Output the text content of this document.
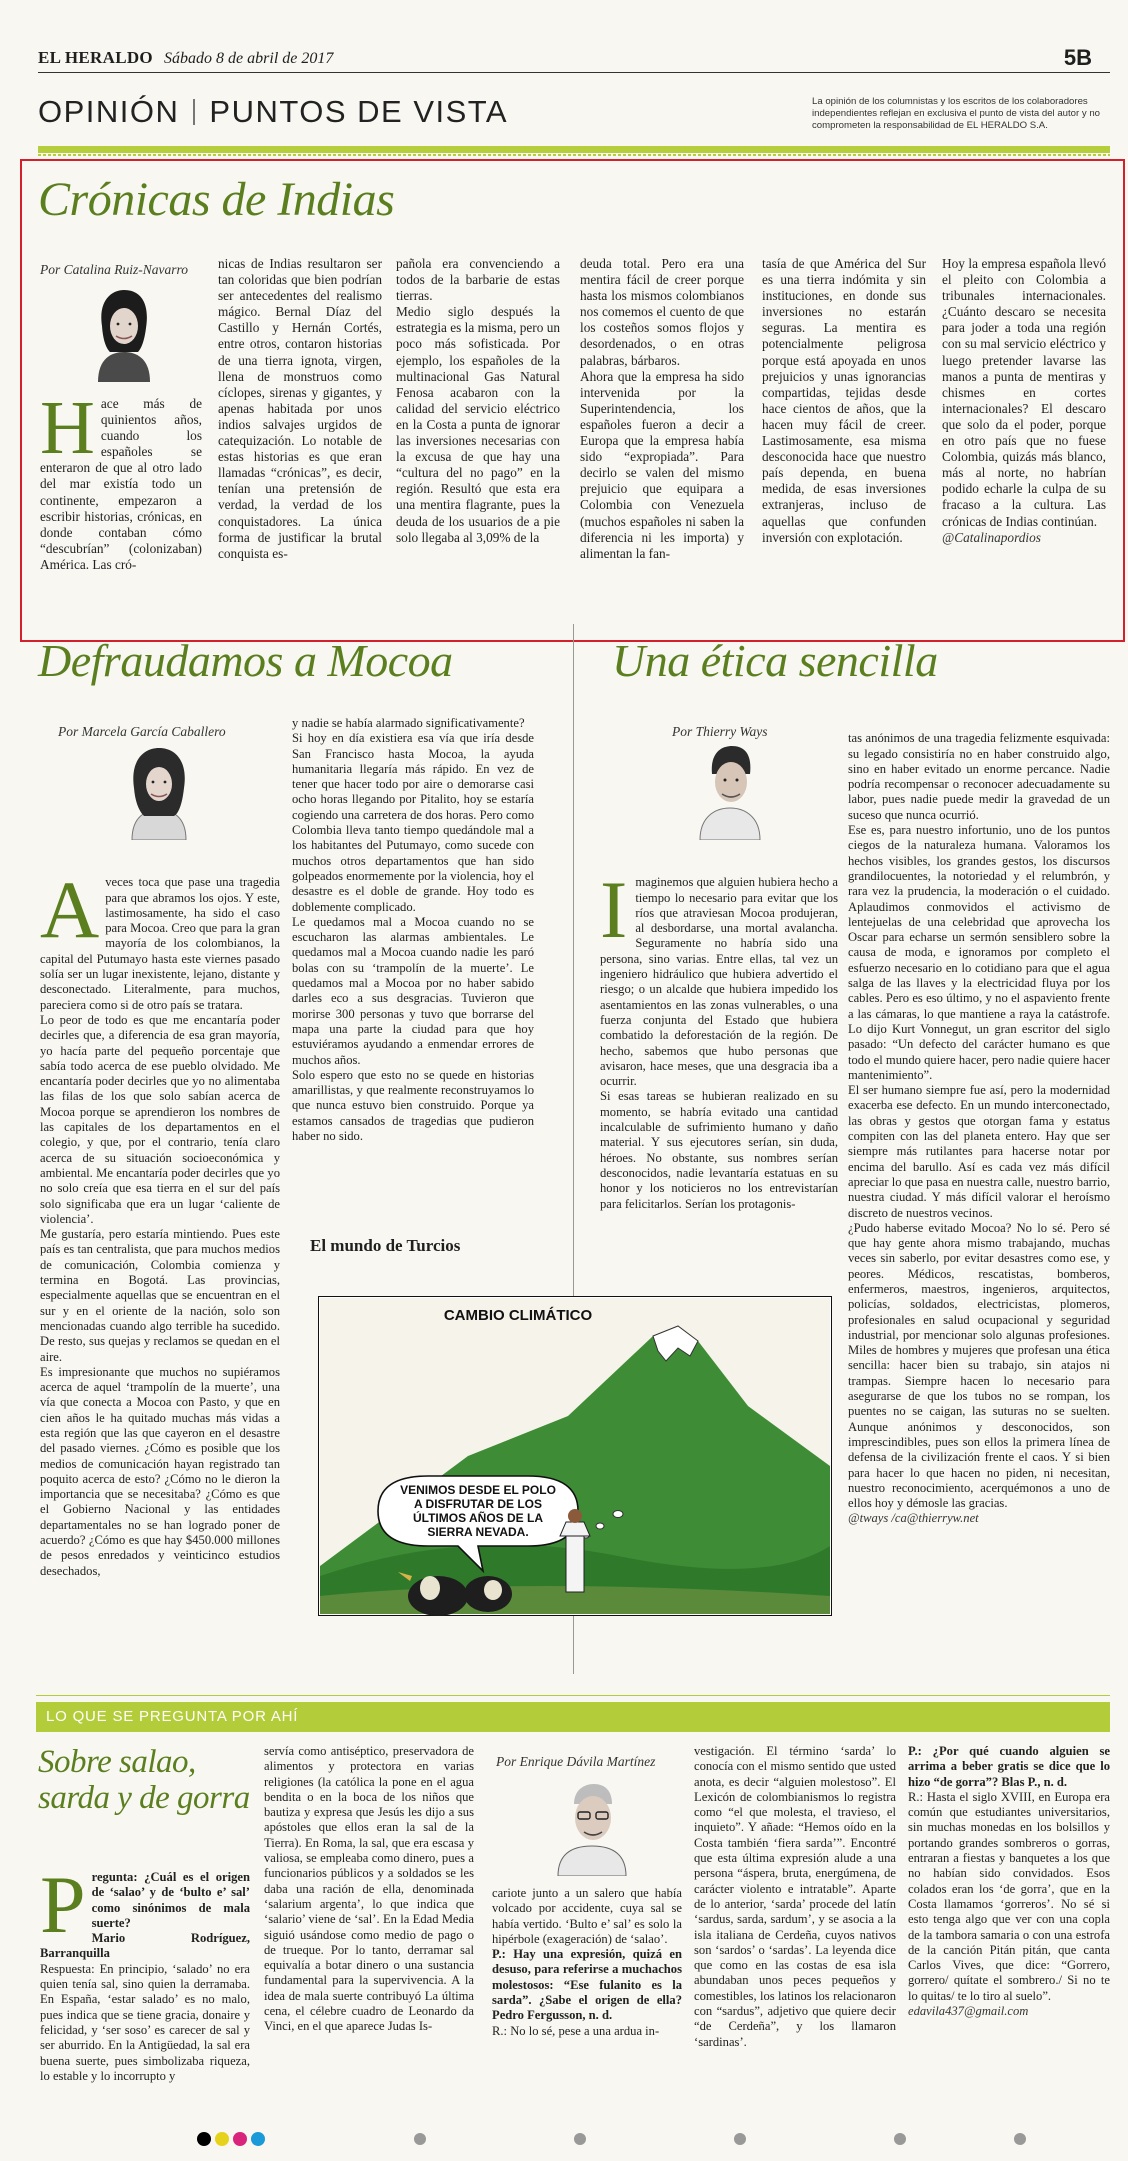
EL HERALDO Sábado 8 de abril de 2017	5B
OPINIÓN PUNTOS DE VISTA	La opinión de los columnistas y los escritos de los colaboradores independientes reflejan en exclusiva el punto de vista del autor y no comprometen la responsabilidad de EL HERALDO S.A.
Crónicas de Indias
Por Catalina Ruiz-Navarro
Hace más de quinientos años, cuando los españoles se enteraron de que al otro lado del mar existía todo un continente, empezaron a escribir historias, crónicas, en donde contaban cómo “descubrían” (colonizaban) América. Las cró-
nicas de Indias resultaron ser tan coloridas que bien podrían ser antecedentes del realismo mágico. Bernal Díaz del Castillo y Hernán Cortés, entre otros, contaron historias de una tierra ignota, virgen, llena de monstruos como cíclopes, sirenas y gigantes, y apenas habitada por unos indios salvajes urgidos de catequización. Lo notable de estas historias es que eran llamadas “crónicas”, es decir, tenían una pretensión de verdad, la verdad de los conquistadores. La única forma de justificar la brutal conquista es-
pañola era convenciendo a todos de la barbarie de estas tierras.
Medio siglo después la estrategia es la misma, pero un poco más sofisticada. Por ejemplo, los españoles de la multinacional Gas Natural Fenosa acabaron con la calidad del servicio eléctrico en la Costa a punta de ignorar las inversiones necesarias con la excusa de que hay una “cultura del no pago” en la región. Resultó que esta era una mentira flagrante, pues la deuda de los usuarios de a pie solo llegaba al 3,09% de la
deuda total. Pero era una mentira fácil de creer porque hasta los mismos colombianos nos comemos el cuento de que los costeños somos flojos y desordenados, o en otras palabras, bárbaros.
Ahora que la empresa ha sido intervenida por la Superintendencia, los españoles fueron a decir a Europa que la empresa había sido “expropiada”. Para decirlo se valen del mismo prejuicio que equipara a Colombia con Venezuela (muchos españoles ni saben la diferencia ni les importa) y alimentan la fan-
tasía de que América del Sur es una tierra indómita y sin instituciones, en donde sus inversiones no estarán seguras. La mentira es potencialmente peligrosa porque está apoyada en unos prejuicios y unas ignorancias compartidas, tejidas desde hace cientos de años, que la hacen muy fácil de creer. Lastimosamente, esa misma desconocida hace que nuestro país dependa, en buena medida, de esas inversiones extranjeras, incluso de aquellas que confunden inversión con explotación.
Hoy la empresa española llevó el pleito con Colombia a tribunales internacionales. ¿Cuánto descaro se necesita para joder a toda una región con su mal servicio eléctrico y luego pretender lavarse las manos a punta de mentiras y chismes en cortes internacionales? El descaro que solo da el poder, porque en otro país que no fuese Colombia, quizás más blanco, más al norte, no habrían podido echarle la culpa de su fracaso a la cultura. Las crónicas de Indias continúan.
@Catalinapordios
Defraudamos a Mocoa
Por Marcela García Caballero

Aveces toca que pase una tragedia para que abramos los ojos. Y este, lastimosamente, ha sido el caso para Mocoa. Creo que para la gran mayoría de los colombianos, la capital del Putumayo hasta este viernes pasado solía ser un lugar inexistente, lejano, distante y desconectado. Literalmente, para muchos, pareciera como si de otro país se tratara.
Lo peor de todo es que me encantaría poder decirles que, a diferencia de esa gran mayoría, yo hacía parte del pequeño porcentaje que sabía todo acerca de ese pueblo olvidado. Me encantaría poder decirles que yo no alimentaba las filas de los que solo sabían acerca de Mocoa porque se aprendieron los nombres de las capitales de los departamentos en el colegio, y que, por el contrario, tenía claro acerca de su situación socioeconómica y ambiental. Me encantaría poder decirles que yo no solo creía que esa tierra en el sur del país solo significaba que era un lugar ‘caliente de violencia’.
Me gustaría, pero estaría mintiendo. Pues este país es tan centralista, que para muchos medios de comunicación, Colombia comienza y termina en Bogotá. Las provincias, especialmente aquellas que se encuentran en el sur y en el oriente de la nación, solo son mencionadas cuando algo terrible ha sucedido. De resto, sus quejas y reclamos se quedan en el aire.
Es impresionante que muchos no supiéramos acerca de aquel ‘trampolín de la muerte’, una vía que conecta a Mocoa con Pasto, y que en cien años le ha quitado muchas más vidas a esta región que las que cayeron en el desastre del pasado viernes. ¿Cómo es posible que los medios de comunicación hayan registrado tan poquito acerca de esto? ¿Cómo no le dieron la importancia que se necesitaba? ¿Cómo es que el Gobierno Nacional y las entidades departamentales no se han logrado poner de acuerdo? ¿Cómo es que hay $450.000 millones de pesos enredados y veinticinco estudios desechados,

y nadie se había alarmado significativamente?
Si hoy en día existiera esa vía que iría desde San Francisco hasta Mocoa, la ayuda humanitaria llegaría más rápido. En vez de tener que hacer todo por aire o demorarse casi ocho horas llegando por Pitalito, hoy se estaría cogiendo una carretera de dos horas. Pero como Colombia lleva tanto tiempo quedándole mal a los habitantes del Putumayo, como sucede con muchos otros departamentos que han sido golpeados enormemente por la violencia, hoy el desastre es el doble de grande. Hoy todo es doblemente complicado.
Le quedamos mal a Mocoa cuando no se escucharon las alarmas ambientales. Le quedamos mal a Mocoa cuando nadie les paró bolas con su ‘trampolín de la muerte’. Le quedamos mal a Mocoa por no haber sabido darles eco a sus desgracias. Tuvieron que morirse 300 personas y tuvo que borrarse del mapa una parte la ciudad para que hoy estuviéramos ayudando a enmendar errores de muchos años.
Solo espero que esto no se quede en historias amarillistas, y que realmente reconstruyamos lo que nunca estuvo bien construido. Porque ya estamos cansados de tragedias que pudieron haber no sido.
Una ética sencilla
Por Thierry Ways

Imaginemos que alguien hubiera hecho a tiempo lo necesario para evitar que los ríos que atraviesan Mocoa produjeran, al desbordarse, una mortal avalancha. Seguramente no habría sido una persona, sino varias. Entre ellas, tal vez un ingeniero hidráulico que hubiera advertido el riesgo; o un alcalde que hubiera impedido los asentamientos en las zonas vulnerables, o una fuerza conjunta del Estado que hubiera combatido la deforestación de la región. De hecho, sabemos que hubo personas que avisaron, hace meses, que una desgracia iba a ocurrir.
Si esas tareas se hubieran realizado en su momento, se habría evitado una cantidad incalculable de sufrimiento humano y daño material. Y sus ejecutores serían, sin duda, héroes. No obstante, sus nombres serían desconocidos, nadie levantaría estatuas en su honor y los noticieros no los entrevistarían para felicitarlos. Serían los protagonis-

tas anónimos de una tragedia felizmente esquivada: su legado consistiría no en haber construido algo, sino en haber evitado un enorme percance. Nadie podría recompensar o reconocer adecuadamente su labor, pues nadie puede medir la gravedad de un suceso que nunca ocurrió.
Ese es, para nuestro infortunio, uno de los puntos ciegos de la naturaleza humana. Valoramos los hechos visibles, los grandes gestos, los discursos grandilocuentes, la notoriedad y el relumbrón, y rara vez la prudencia, la moderación o el cuidado. Aplaudimos conmovidos el activismo de lentejuelas de una celebridad que aprovecha los Oscar para echarse un sermón sensiblero sobre la causa de moda, e ignoramos por completo el esfuerzo necesario en lo cotidiano para que el agua salga de las llaves y la electricidad fluya por los cables. Pero es eso último, y no el aspaviento frente a las cámaras, lo que mantiene a raya la catástrofe. Lo dijo Kurt Vonnegut, un gran escritor del siglo pasado: “Un defecto del carácter humano es que todo el mundo quiere hacer, pero nadie quiere hacer mantenimiento”.
El ser humano siempre fue así, pero la modernidad exacerba ese defecto. En un mundo interconectado, las obras y gestos que otorgan fama y estatus compiten con las del planeta entero. Hay que ser siempre más rutilantes para hacerse notar por encima del barullo. Así es cada vez más difícil apreciar lo que pasa en nuestra calle, nuestro barrio, nuestra ciudad. Y más difícil valorar el heroísmo discreto de nuestros vecinos.
¿Pudo haberse evitado Mocoa? No lo sé. Pero sé que hay gente ahora mismo trabajando, muchas veces sin saberlo, por evitar desastres como ese, y peores. Médicos, rescatistas, bomberos, enfermeros, maestros, ingenieros, arquitectos, policías, soldados, electricistas, plomeros, profesionales en salud ocupacional y seguridad industrial, por mencionar solo algunas profesiones. Miles de hombres y mujeres que profesan una ética sencilla: hacer bien su trabajo, sin atajos ni trampas. Siempre hacen lo necesario para asegurarse de que los tubos no se rompan, los puentes no se caigan, las suturas no se suelten. Aunque anónimos y desconocidos, son imprescindibles, pues son ellos la primera línea de defensa de la civilización frente el caos. Y si bien para hacer lo que hacen no piden, ni necesitan, nuestro reconocimiento, acerquémonos a uno de ellos hoy y démosle las gracias.

@tways /ca@thierryw.net

El mundo de Turcios
VENIMOS DESDE EL POLO
A DISFRUTAR DE LOS
ÚLTIMOS AÑOS DE LA
SIERRA NEVADA.
CAMBIO CLIMÁTICO
LO QUE SE PREGUNTA POR AHÍ
Sobre salao, sarda y de gorra
Pregunta: ¿Cuál es el origen de ‘salao’ y de ‘bulto e’ sal’ como sinónimos de mala suerte?
Mario Rodríguez, Barranquilla
Respuesta: En principio, ‘salado’ no era quien tenía sal, sino quien la derramaba. En España, ‘estar salado’ es no malo, pues indica que se tiene gracia, donaire y felicidad, y ‘ser soso’ es carecer de sal y ser aburrido. En la Antigüedad, la sal era buena suerte, pues simbolizaba riqueza, lo estable y lo incorrupto y
servía como antiséptico, preservadora de alimentos y protectora en varias religiones (la católica la pone en el agua bendita o en la boca de los niños que bautiza y expresa que Jesús les dijo a sus apóstoles que ellos eran la sal de la Tierra). En Roma, la sal, que era escasa y valiosa, se empleaba como dinero, pues a funcionarios públicos y a soldados se les daba una ración de ella, denominada ‘salarium argenta’, lo que indica que ‘salario’ viene de ‘sal’. En la Edad Media siguió usándose como medio de pago o de trueque. Por lo tanto, derramar sal equivalía a botar dinero o una sustancia fundamental para la supervivencia. A la idea de mala suerte contribuyó La última cena, el célebre cuadro de Leonardo da Vinci, en el que aparece Judas Is-
Por Enrique Dávila Martínez
cariote junto a un salero que había volcado por accidente, cuya sal se había vertido. ‘Bulto e’ sal’ es solo la hipérbole (exageración) de ‘salao’.
P.: Hay una expresión, quizá en desuso, para referirse a muchachos molestosos: “Ese fulanito es la sarda”. ¿Sabe el origen de ella? Pedro Fergusson, n. d.
R.: No lo sé, pese a una ardua in-
vestigación. El término ‘sarda’ lo conocía con el mismo sentido que usted anota, es decir “alguien molestoso”. El Lexicón de colombianismos lo registra como “el que molesta, el travieso, el inquieto”. Y añade: “Hemos oído en la Costa también ‘fiera sarda’”. Encontré que esta última expresión alude a una persona “áspera, bruta, energúmena, de carácter violento e intratable”. Aparte de lo anterior, ‘sarda’ procede del latín ‘sardus, sarda, sardum’, y se asocia a la isla italiana de Cerdeña, cuyos nativos son ‘sardos’ o ‘sardas’. La leyenda dice que como en las costas de esa isla abundaban unos peces pequeños y comestibles, los latinos los relacionaron con “sardus”, adjetivo que quiere decir “de Cerdeña”, y los llamaron ‘sardinas’.
P.: ¿Por qué cuando alguien se arrima a beber gratis se dice que lo hizo “de gorra”? Blas P., n. d.
R.: Hasta el siglo XVIII, en Europa era común que estudiantes universitarios, sin muchas monedas en los bolsillos y portando grandes sombreros o gorras, entraran a fiestas y banquetes a los que no habían sido convidados. Esos colados eran los ‘de gorra’, que en la Costa llamamos ‘gorreros’. No sé si esto tenga algo que ver con una copla de la tambora samaria o con una estrofa de la canción Pitán pitán, que canta Carlos Vives, que dice: “Gorrero, gorrero/ quítate el sombrero./ Si no te lo quitas/ te lo tiro al suelo”.
edavila437@gmail.com
